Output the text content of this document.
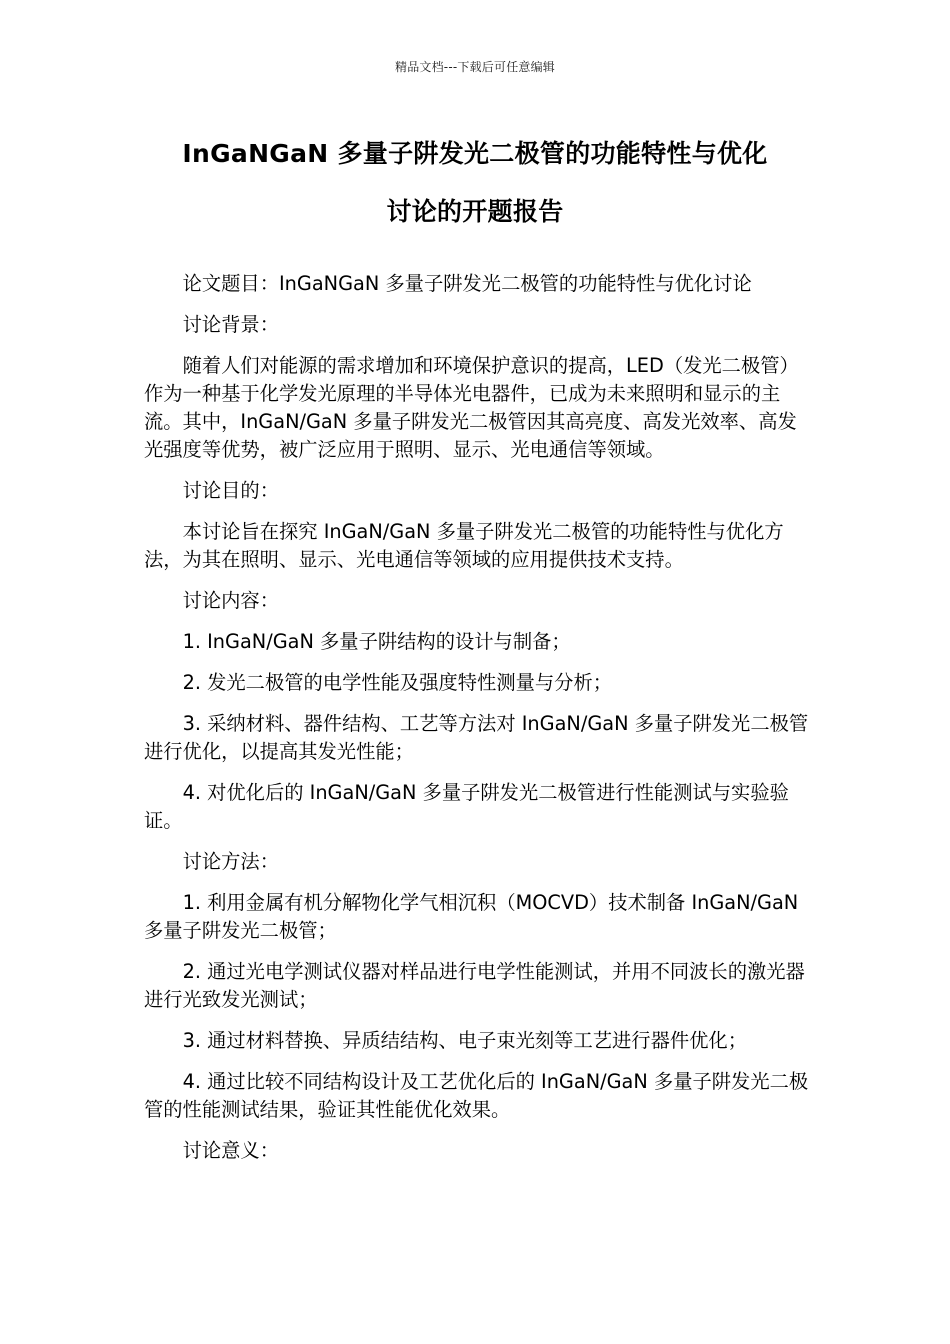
精品文档---下载后可任意编辑
InGaNGaN 多量子阱发光二极管的功能特性与优化
讨论的开题报告

论文题目：InGaNGaN 多量子阱发光二极管的功能特性与优化讨论

讨论背景：

随着人们对能源的需求增加和环境保护意识的提高，LED（发光二极管）作为一种基于化学发光原理的半导体光电器件，已成为未来照明和显示的主流。其中，InGaN/GaN 多量子阱发光二极管因其高亮度、高发光效率、高发光强度等优势，被广泛应用于照明、显示、光电通信等领域。

讨论目的：

本讨论旨在探究 InGaN/GaN 多量子阱发光二极管的功能特性与优化方法，为其在照明、显示、光电通信等领域的应用提供技术支持。

讨论内容：

1. InGaN/GaN 多量子阱结构的设计与制备；

2. 发光二极管的电学性能及强度特性测量与分析；

3. 采纳材料、器件结构、工艺等方法对 InGaN/GaN 多量子阱发光二极管进行优化，以提高其发光性能；

4. 对优化后的 InGaN/GaN 多量子阱发光二极管进行性能测试与实验验证。

讨论方法：

1. 利用金属有机分解物化学气相沉积（MOCVD）技术制备 InGaN/GaN 多量子阱发光二极管；

2. 通过光电学测试仪器对样品进行电学性能测试，并用不同波长的激光器进行光致发光测试；

3. 通过材料替换、异质结结构、电子束光刻等工艺进行器件优化；

4. 通过比较不同结构设计及工艺优化后的 InGaN/GaN 多量子阱发光二极管的性能测试结果，验证其性能优化效果。

讨论意义：
